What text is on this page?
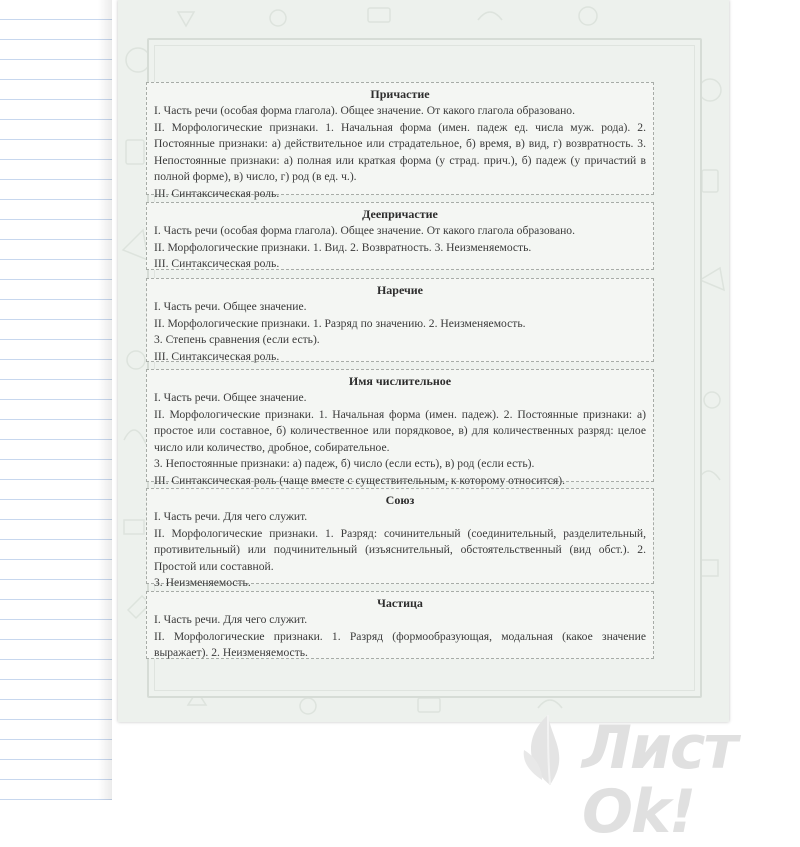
Причастие

I. Часть речи (особая форма глагола). Общее значение. От какого глагола образовано.

II. Морфологические признаки. 1. Начальная форма (имен. падеж ед. числа муж. рода). 2. Постоянные признаки: а) действительное или страдательное, б) время, в) вид, г) возвратность. 3. Непостоянные признаки: а) полная или краткая форма (у страд. прич.), б) падеж (у причастий в полной форме), в) число, г) род (в ед. ч.).

III. Синтаксическая роль.

Деепричастие

I. Часть речи (особая форма глагола). Общее значение. От какого глагола образовано.

II. Морфологические признаки. 1. Вид. 2. Возвратность. 3. Неизменяемость.

III. Синтаксическая роль.

Наречие

I. Часть речи. Общее значение.

II. Морфологические признаки. 1. Разряд по значению. 2. Неизменяемость.

3. Степень сравнения (если есть).

III. Синтаксическая роль.

Имя числительное

I. Часть речи. Общее значение.

II. Морфологические признаки. 1. Начальная форма (имен. падеж). 2. Постоянные признаки: а) простое или составное, б) количественное или порядковое, в) для количественных разряд: целое число или количество, дробное, собирательное.

3. Непостоянные признаки: а) падеж, б) число (если есть), в) род (если есть).

III. Синтаксическая роль (чаще вместе с существительным, к которому относится).

Союз

I. Часть речи. Для чего служит.

II. Морфологические признаки. 1. Разряд: сочинительный (соединительный, разделительный, противительный) или подчинительный (изъяснительный, обстоятельственный (вид обст.). 2. Простой или составной.

3. Неизменяемость.

Частица

I. Часть речи. Для чего служит.

II. Морфологические признаки. 1. Разряд (формообразующая, модальная (какое значение выражает). 2. Неизменяемость.

Лист Ok!
